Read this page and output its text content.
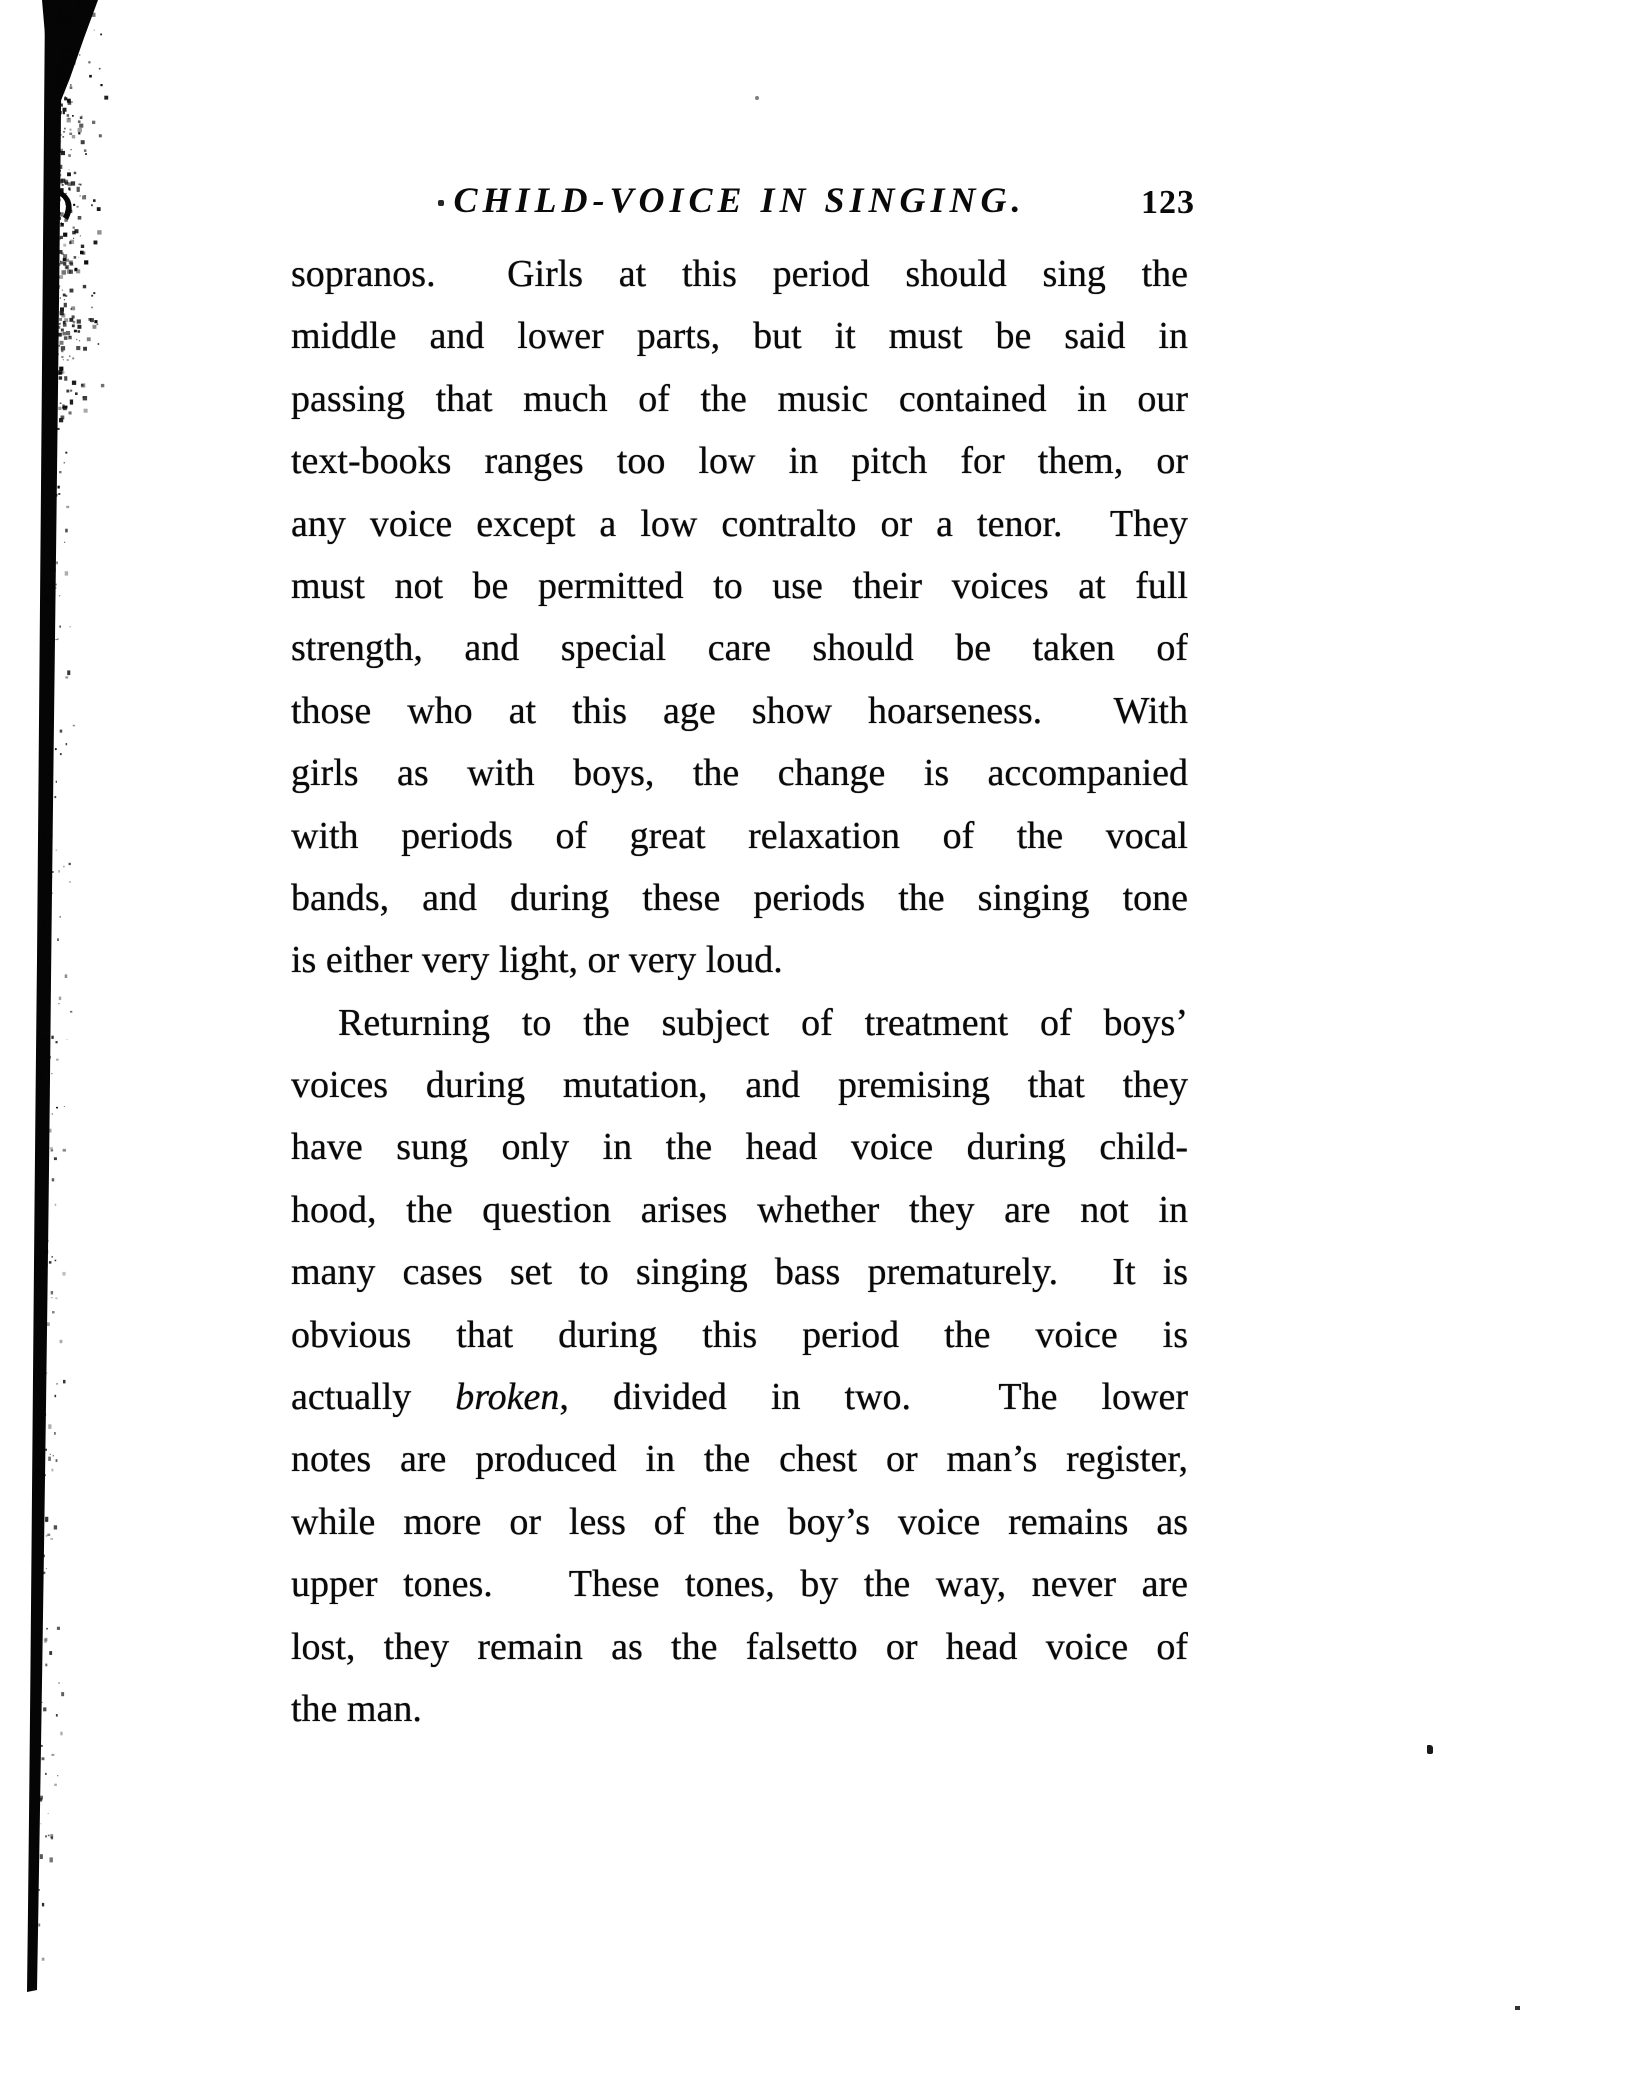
CHILD-VOICE IN SINGING.	123
sopranos.  Girls at this period should sing the
middle and lower parts, but it must be said in
passing that much of the music contained in our
text-books ranges too low in pitch for them, or
any voice except a low contralto or a tenor.  They
must not be permitted to use their voices at full
strength, and special care should be taken of
those who at this age show hoarseness.  With
girls as with boys, the change is accompanied
with periods of great relaxation of the vocal
bands, and during these periods the singing tone
is either very light, or very loud.
Returning to the subject of treatment of boys’
voices during mutation, and premising that they
have sung only in the head voice during child-
hood, the question arises whether they are not in
many cases set to singing bass prematurely.  It is
obvious that during this period the voice is
actually broken, divided in two.  The lower
notes are produced in the chest or man’s register,
while more or less of the boy’s voice remains as
upper tones.   These tones, by the way, never are
lost, they remain as the falsetto or head voice of
the man.
